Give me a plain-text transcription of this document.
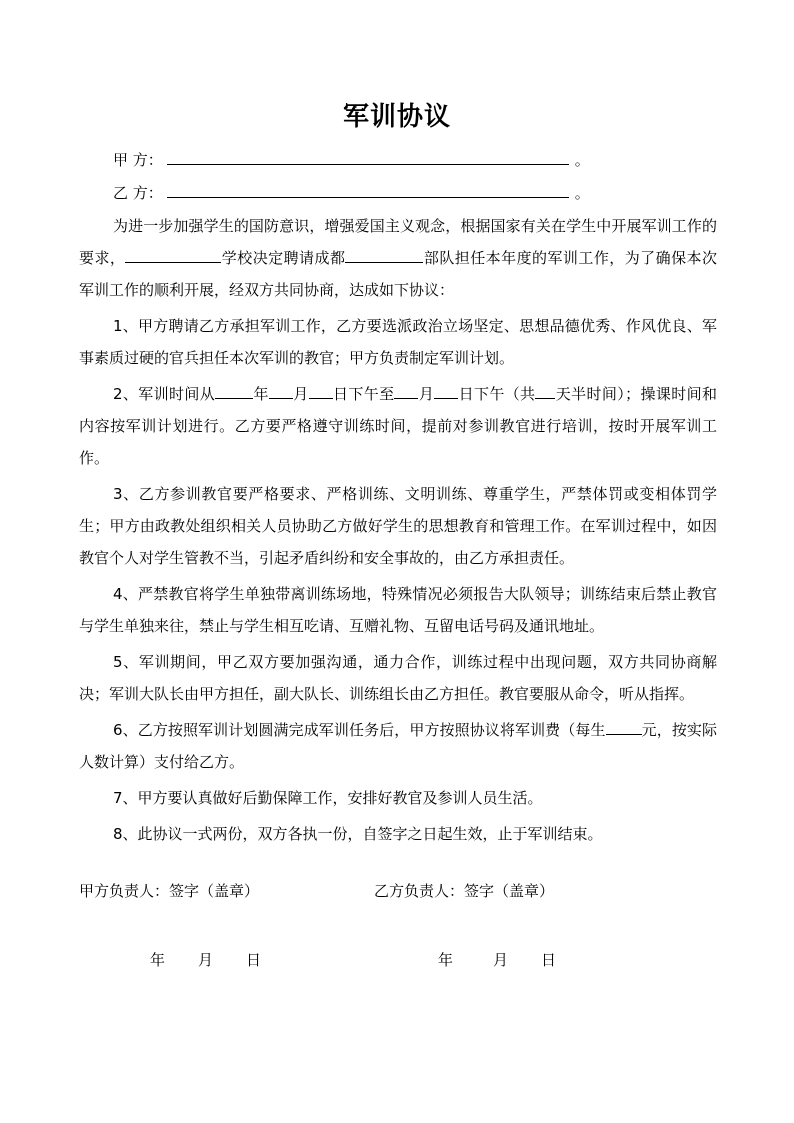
军训协议
甲 方：	。
乙 方：	。

为进一步加强学生的国防意识，增强爱国主义观念，根据国家有关在学生中开展军训工作的要求，	学校决定聘请成都	部队担任本年度的军训工作，为了确保本次军训工作的顺利开展，经双方共同协商，达成如下协议：

1、甲方聘请乙方承担军训工作，乙方要选派政治立场坚定、思想品德优秀、作风优良、军事素质过硬的官兵担任本次军训的教官；甲方负责制定军训计划。

2、军训时间从	年 月 日下午至 月 日下午（共 天半时间）；操课时间和内容按军训计划进行。乙方要严格遵守训练时间，提前对参训教官进行培训，按时开展军训工作。

3、乙方参训教官要严格要求、严格训练、文明训练、尊重学生，严禁体罚或变相体罚学生；甲方由政教处组织相关人员协助乙方做好学生的思想教育和管理工作。在军训过程中，如因教官个人对学生管教不当，引起矛盾纠纷和安全事故的，由乙方承担责任。

4、严禁教官将学生单独带离训练场地，特殊情况必须报告大队领导；训练结束后禁止教官与学生单独来往，禁止与学生相互吃请、互赠礼物、互留电话号码及通讯地址。

5、军训期间，甲乙双方要加强沟通，通力合作，训练过程中出现问题，双方共同协商解决；军训大队长由甲方担任，副大队长、训练组长由乙方担任。教官要服从命令，听从指挥。

6、乙方按照军训计划圆满完成军训任务后，甲方按照协议将军训费（每生 元，按实际人数计算）支付给乙方。

7、甲方要认真做好后勤保障工作，安排好教官及参训人员生活。

8、此协议一式两份，双方各执一份，自签字之日起生效，止于军训结束。

甲方负责人：签字（盖章）	乙方负责人：签字（盖章）
年 月 日	年	月 日
